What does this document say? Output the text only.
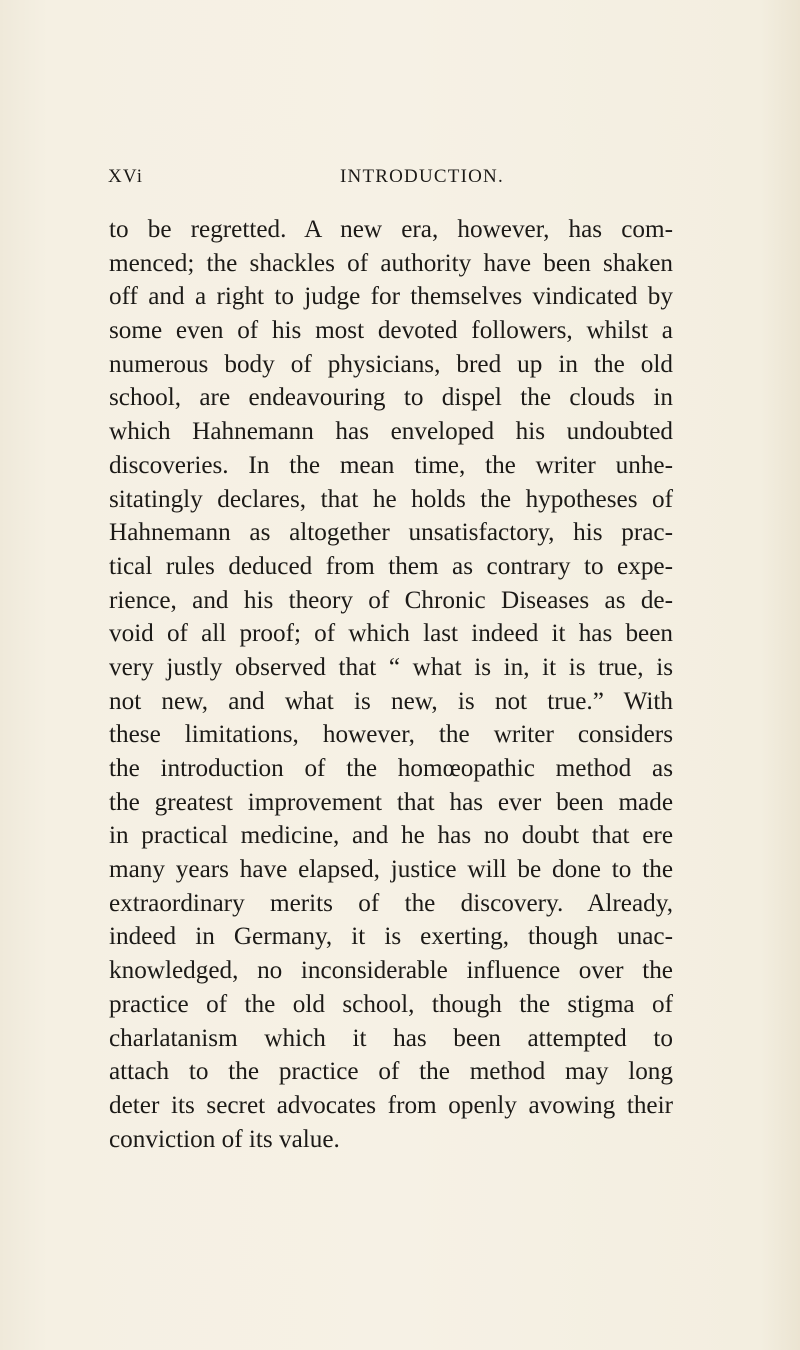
XVi	INTRODUCTION.
to be regretted. A new era, however, has com-
menced; the shackles of authority have been shaken
off and a right to judge for themselves vindicated by
some even of his most devoted followers, whilst a
numerous body of physicians, bred up in the old
school, are endeavouring to dispel the clouds in
which Hahnemann has enveloped his undoubted
discoveries. In the mean time, the writer unhe-
sitatingly declares, that he holds the hypotheses of
Hahnemann as altogether unsatisfactory, his prac-
tical rules deduced from them as contrary to expe-
rience, and his theory of Chronic Diseases as de-
void of all proof; of which last indeed it has been
very justly observed that “ what is in, it is true, is
not new, and what is new, is not true.” With
these limitations, however, the writer considers
the introduction of the homœopathic method as
the greatest improvement that has ever been made
in practical medicine, and he has no doubt that ere
many years have elapsed, justice will be done to the
extraordinary merits of the discovery. Already,
indeed in Germany, it is exerting, though unac-
knowledged, no inconsiderable influence over the
practice of the old school, though the stigma of
charlatanism which it has been attempted to
attach to the practice of the method may long
deter its secret advocates from openly avowing their
conviction of its value.
